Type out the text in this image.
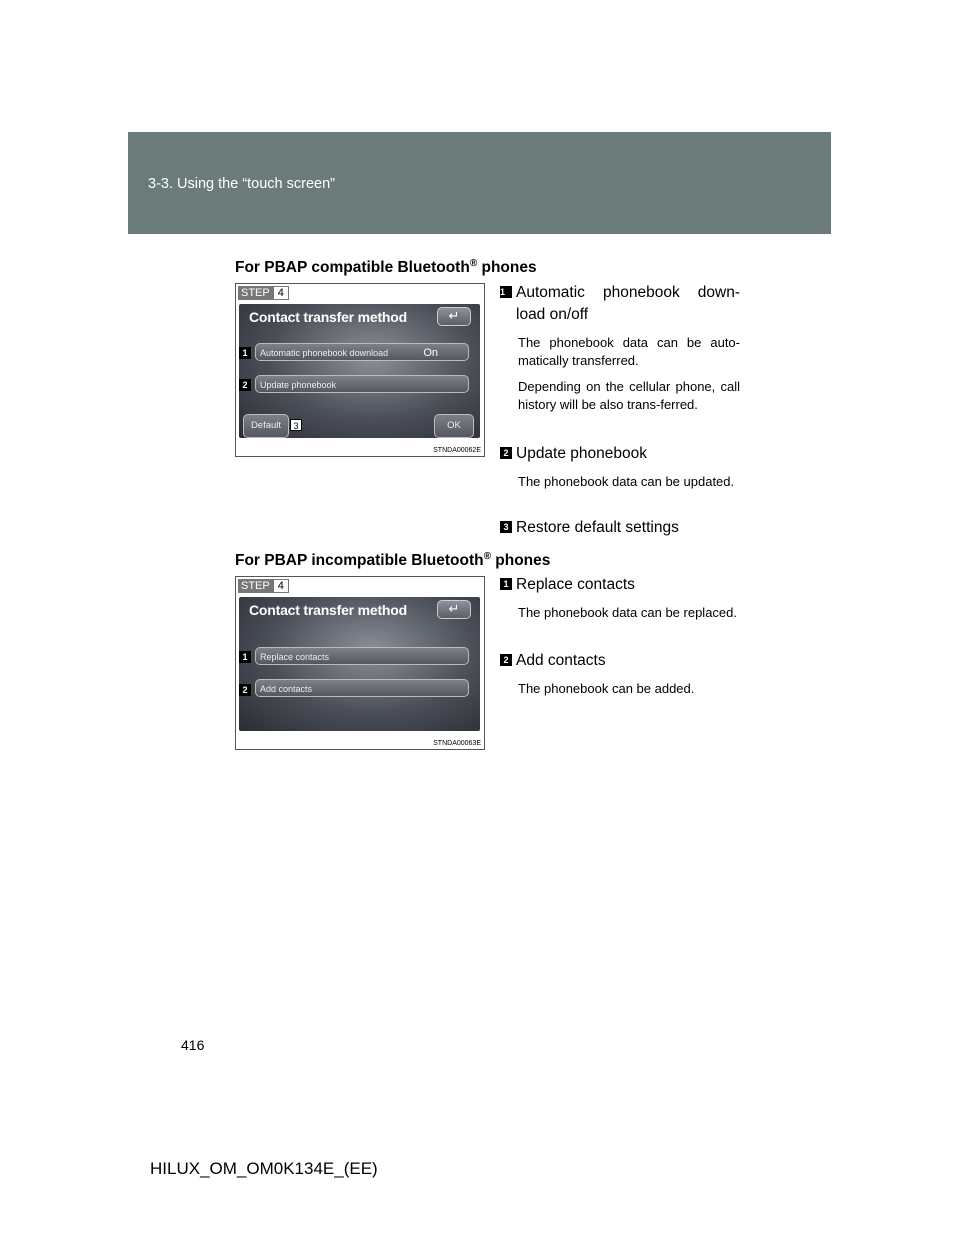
3-3. Using the “touch screen”
For PBAP compatible Bluetooth® phones
STEP 4
Contact transfer method	↵
Automatic phonebook download	On
Update phonebook
Default	OK
1
2
3
STNDA00062E
1 Automatic phonebook down-load on/off
The phonebook data can be auto-matically transferred.
Depending on the cellular phone, call history will be also trans-ferred.
2 Update phonebook
The phonebook data can be updated.
3 Restore default settings
For PBAP incompatible Bluetooth® phones
STEP 4
Contact transfer method	↵
Replace contacts
Add contacts
1
2
STNDA00063E
1 Replace contacts
The phonebook data can be replaced.
2 Add contacts
The phonebook can be added.
416
HILUX_OM_OM0K134E_(EE)
